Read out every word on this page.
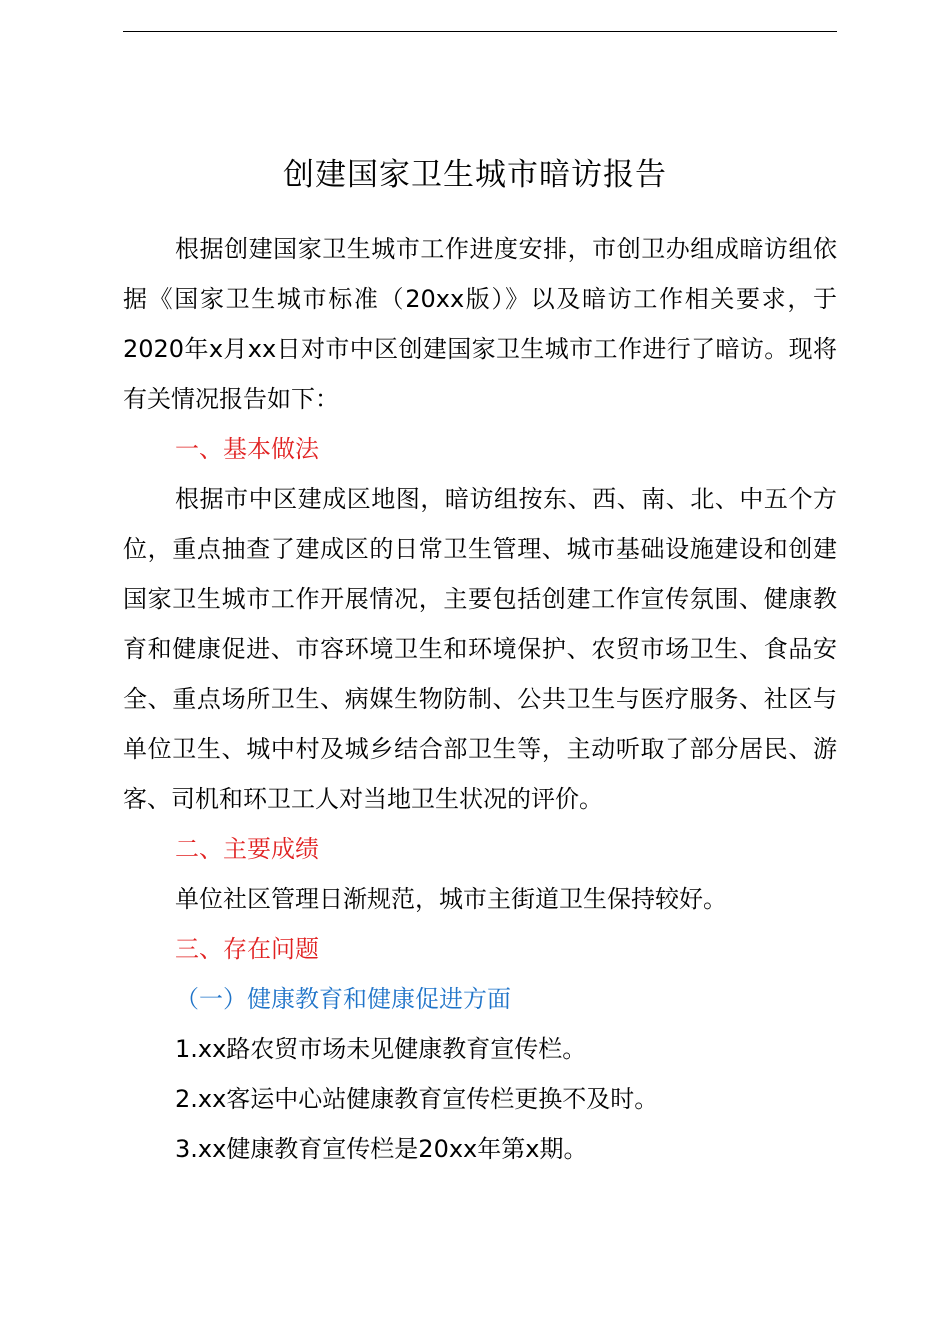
创建国家卫生城市暗访报告

根据创建国家卫生城市工作进度安排，市创卫办组成暗访组依据《国家卫生城市标准（20xx版）》以及暗访工作相关要求，于2020年x月xx日对市中区创建国家卫生城市工作进行了暗访。现将有关情况报告如下：

一、基本做法

根据市中区建成区地图，暗访组按东、西、南、北、中五个方位，重点抽查了建成区的日常卫生管理、城市基础设施建设和创建国家卫生城市工作开展情况，主要包括创建工作宣传氛围、健康教育和健康促进、市容环境卫生和环境保护、农贸市场卫生、食品安全、重点场所卫生、病媒生物防制、公共卫生与医疗服务、社区与单位卫生、城中村及城乡结合部卫生等，主动听取了部分居民、游客、司机和环卫工人对当地卫生状况的评价。

二、主要成绩

单位社区管理日渐规范，城市主街道卫生保持较好。

三、存在问题

（一）健康教育和健康促进方面

1.xx路农贸市场未见健康教育宣传栏。

2.xx客运中心站健康教育宣传栏更换不及时。

3.xx健康教育宣传栏是20xx年第x期。
